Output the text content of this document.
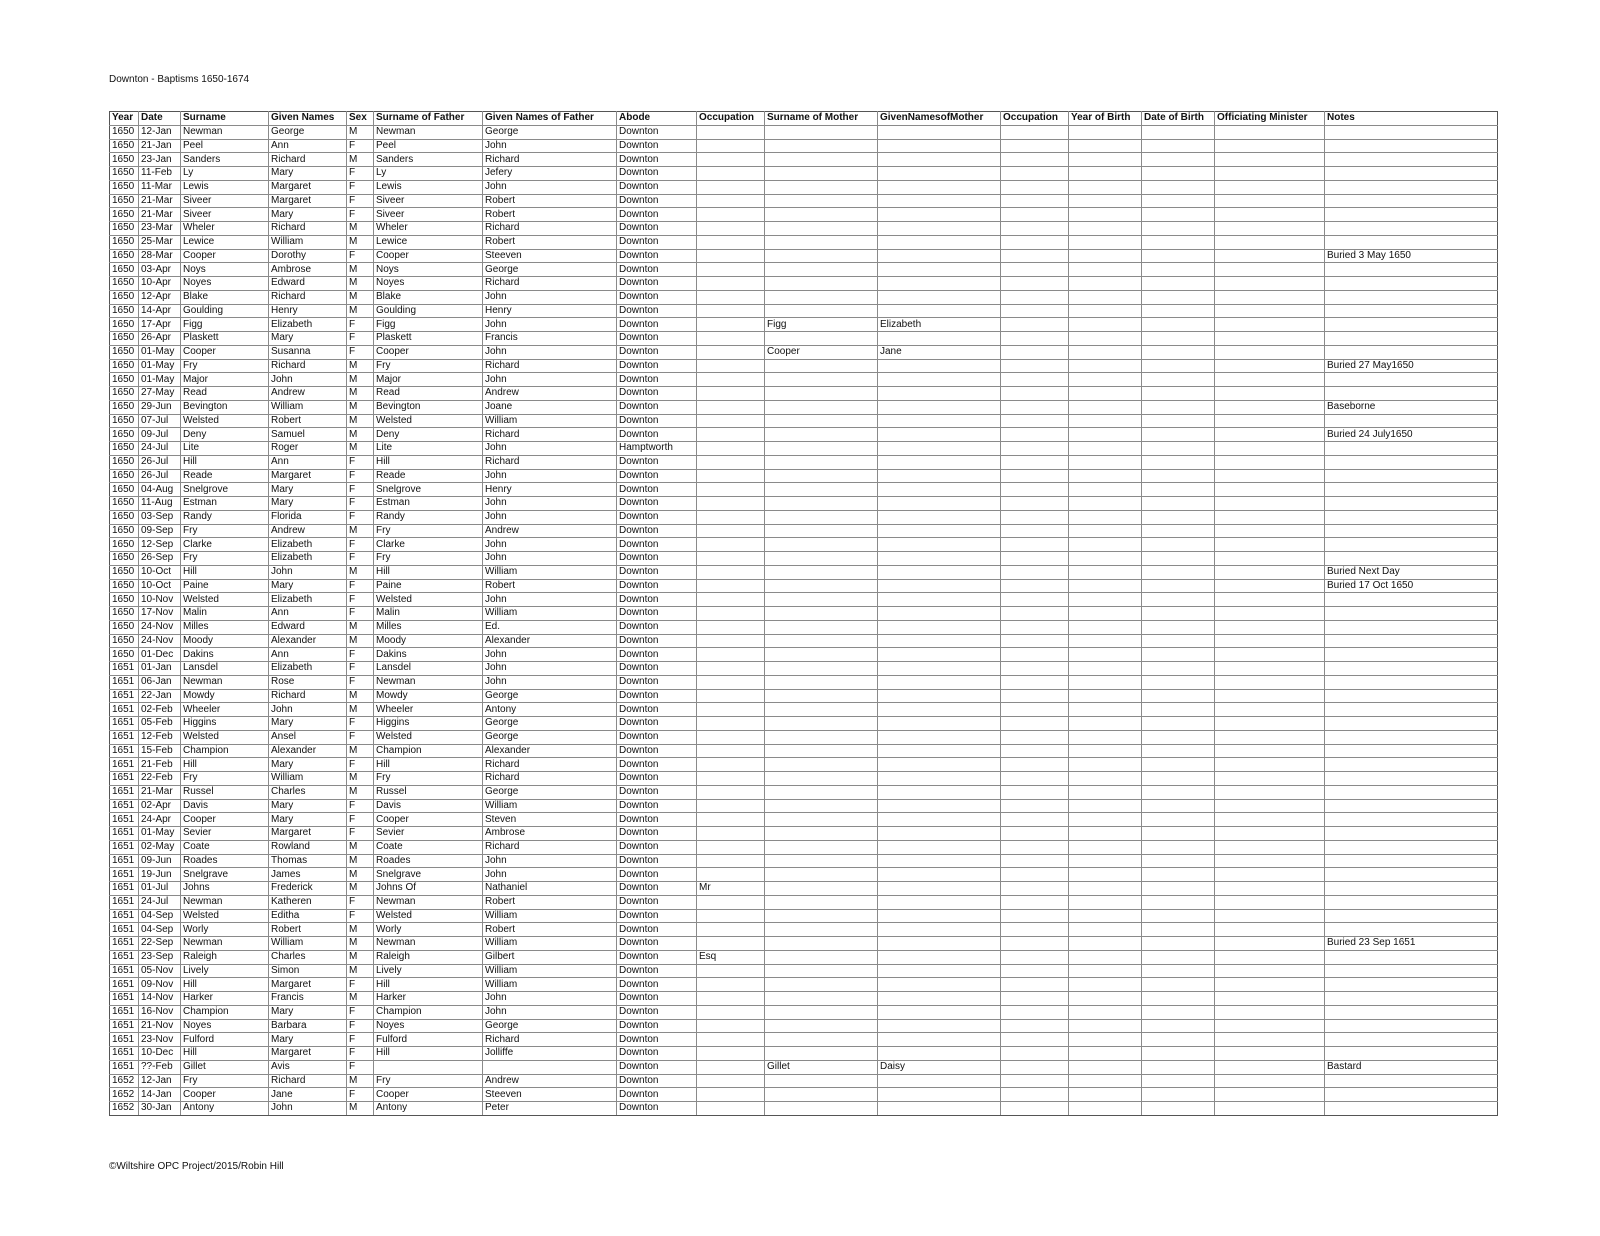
Downton - Baptisms 1650-1674
Year	Date	Surname	Given Names	Sex	Surname of Father	Given Names of Father	Abode	Occupation	Surname of Mother	GivenNamesofMother	Occupation	Year of Birth	Date of Birth	Officiating Minister	Notes
1650	12-Jan	Newman	George	M	Newman	George	Downton								
1650	21-Jan	Peel	Ann	F	Peel	John	Downton								
1650	23-Jan	Sanders	Richard	M	Sanders	Richard	Downton								
1650	11-Feb	Ly	Mary	F	Ly	Jefery	Downton								
1650	11-Mar	Lewis	Margaret	F	Lewis	John	Downton								
1650	21-Mar	Siveer	Margaret	F	Siveer	Robert	Downton								
1650	21-Mar	Siveer	Mary	F	Siveer	Robert	Downton								
1650	23-Mar	Wheler	Richard	M	Wheler	Richard	Downton								
1650	25-Mar	Lewice	William	M	Lewice	Robert	Downton								
1650	28-Mar	Cooper	Dorothy	F	Cooper	Steeven	Downton								Buried 3 May 1650
1650	03-Apr	Noys	Ambrose	M	Noys	George	Downton								
1650	10-Apr	Noyes	Edward	M	Noyes	Richard	Downton								
1650	12-Apr	Blake	Richard	M	Blake	John	Downton								
1650	14-Apr	Goulding	Henry	M	Goulding	Henry	Downton								
1650	17-Apr	Figg	Elizabeth	F	Figg	John	Downton		Figg	Elizabeth					
1650	26-Apr	Plaskett	Mary	F	Plaskett	Francis	Downton								
1650	01-May	Cooper	Susanna	F	Cooper	John	Downton		Cooper	Jane					
1650	01-May	Fry	Richard	M	Fry	Richard	Downton								Buried 27 May1650
1650	01-May	Major	John	M	Major	John	Downton								
1650	27-May	Read	Andrew	M	Read	Andrew	Downton								
1650	29-Jun	Bevington	William	M	Bevington	Joane	Downton								Baseborne
1650	07-Jul	Welsted	Robert	M	Welsted	William	Downton								
1650	09-Jul	Deny	Samuel	M	Deny	Richard	Downton								Buried 24 July1650
1650	24-Jul	Lite	Roger	M	Lite	John	Hamptworth								
1650	26-Jul	Hill	Ann	F	Hill	Richard	Downton								
1650	26-Jul	Reade	Margaret	F	Reade	John	Downton								
1650	04-Aug	Snelgrove	Mary	F	Snelgrove	Henry	Downton								
1650	11-Aug	Estman	Mary	F	Estman	John	Downton								
1650	03-Sep	Randy	Florida	F	Randy	John	Downton								
1650	09-Sep	Fry	Andrew	M	Fry	Andrew	Downton								
1650	12-Sep	Clarke	Elizabeth	F	Clarke	John	Downton								
1650	26-Sep	Fry	Elizabeth	F	Fry	John	Downton								
1650	10-Oct	Hill	John	M	Hill	William	Downton								Buried Next Day
1650	10-Oct	Paine	Mary	F	Paine	Robert	Downton								Buried 17 Oct 1650
1650	10-Nov	Welsted	Elizabeth	F	Welsted	John	Downton								
1650	17-Nov	Malin	Ann	F	Malin	William	Downton								
1650	24-Nov	Milles	Edward	M	Milles	Ed.	Downton								
1650	24-Nov	Moody	Alexander	M	Moody	Alexander	Downton								
1650	01-Dec	Dakins	Ann	F	Dakins	John	Downton								
1651	01-Jan	Lansdel	Elizabeth	F	Lansdel	John	Downton								
1651	06-Jan	Newman	Rose	F	Newman	John	Downton								
1651	22-Jan	Mowdy	Richard	M	Mowdy	George	Downton								
1651	02-Feb	Wheeler	John	M	Wheeler	Antony	Downton								
1651	05-Feb	Higgins	Mary	F	Higgins	George	Downton								
1651	12-Feb	Welsted	Ansel	F	Welsted	George	Downton								
1651	15-Feb	Champion	Alexander	M	Champion	Alexander	Downton								
1651	21-Feb	Hill	Mary	F	Hill	Richard	Downton								
1651	22-Feb	Fry	William	M	Fry	Richard	Downton								
1651	21-Mar	Russel	Charles	M	Russel	George	Downton								
1651	02-Apr	Davis	Mary	F	Davis	William	Downton								
1651	24-Apr	Cooper	Mary	F	Cooper	Steven	Downton								
1651	01-May	Sevier	Margaret	F	Sevier	Ambrose	Downton								
1651	02-May	Coate	Rowland	M	Coate	Richard	Downton								
1651	09-Jun	Roades	Thomas	M	Roades	John	Downton								
1651	19-Jun	Snelgrave	James	M	Snelgrave	John	Downton								
1651	01-Jul	Johns	Frederick	M	Johns Of	Nathaniel	Downton	Mr							
1651	24-Jul	Newman	Katheren	F	Newman	Robert	Downton								
1651	04-Sep	Welsted	Editha	F	Welsted	William	Downton								
1651	04-Sep	Worly	Robert	M	Worly	Robert	Downton								
1651	22-Sep	Newman	William	M	Newman	William	Downton								Buried 23 Sep 1651
1651	23-Sep	Raleigh	Charles	M	Raleigh	Gilbert	Downton	Esq							
1651	05-Nov	Lively	Simon	M	Lively	William	Downton								
1651	09-Nov	Hill	Margaret	F	Hill	William	Downton								
1651	14-Nov	Harker	Francis	M	Harker	John	Downton								
1651	16-Nov	Champion	Mary	F	Champion	John	Downton								
1651	21-Nov	Noyes	Barbara	F	Noyes	George	Downton								
1651	23-Nov	Fulford	Mary	F	Fulford	Richard	Downton								
1651	10-Dec	Hill	Margaret	F	Hill	Jolliffe	Downton								
1651	??-Feb	Gillet	Avis	F			Downton		Gillet	Daisy					Bastard
1652	12-Jan	Fry	Richard	M	Fry	Andrew	Downton								
1652	14-Jan	Cooper	Jane	F	Cooper	Steeven	Downton								
1652	30-Jan	Antony	John	M	Antony	Peter	Downton								
©Wiltshire OPC Project/2015/Robin Hill
